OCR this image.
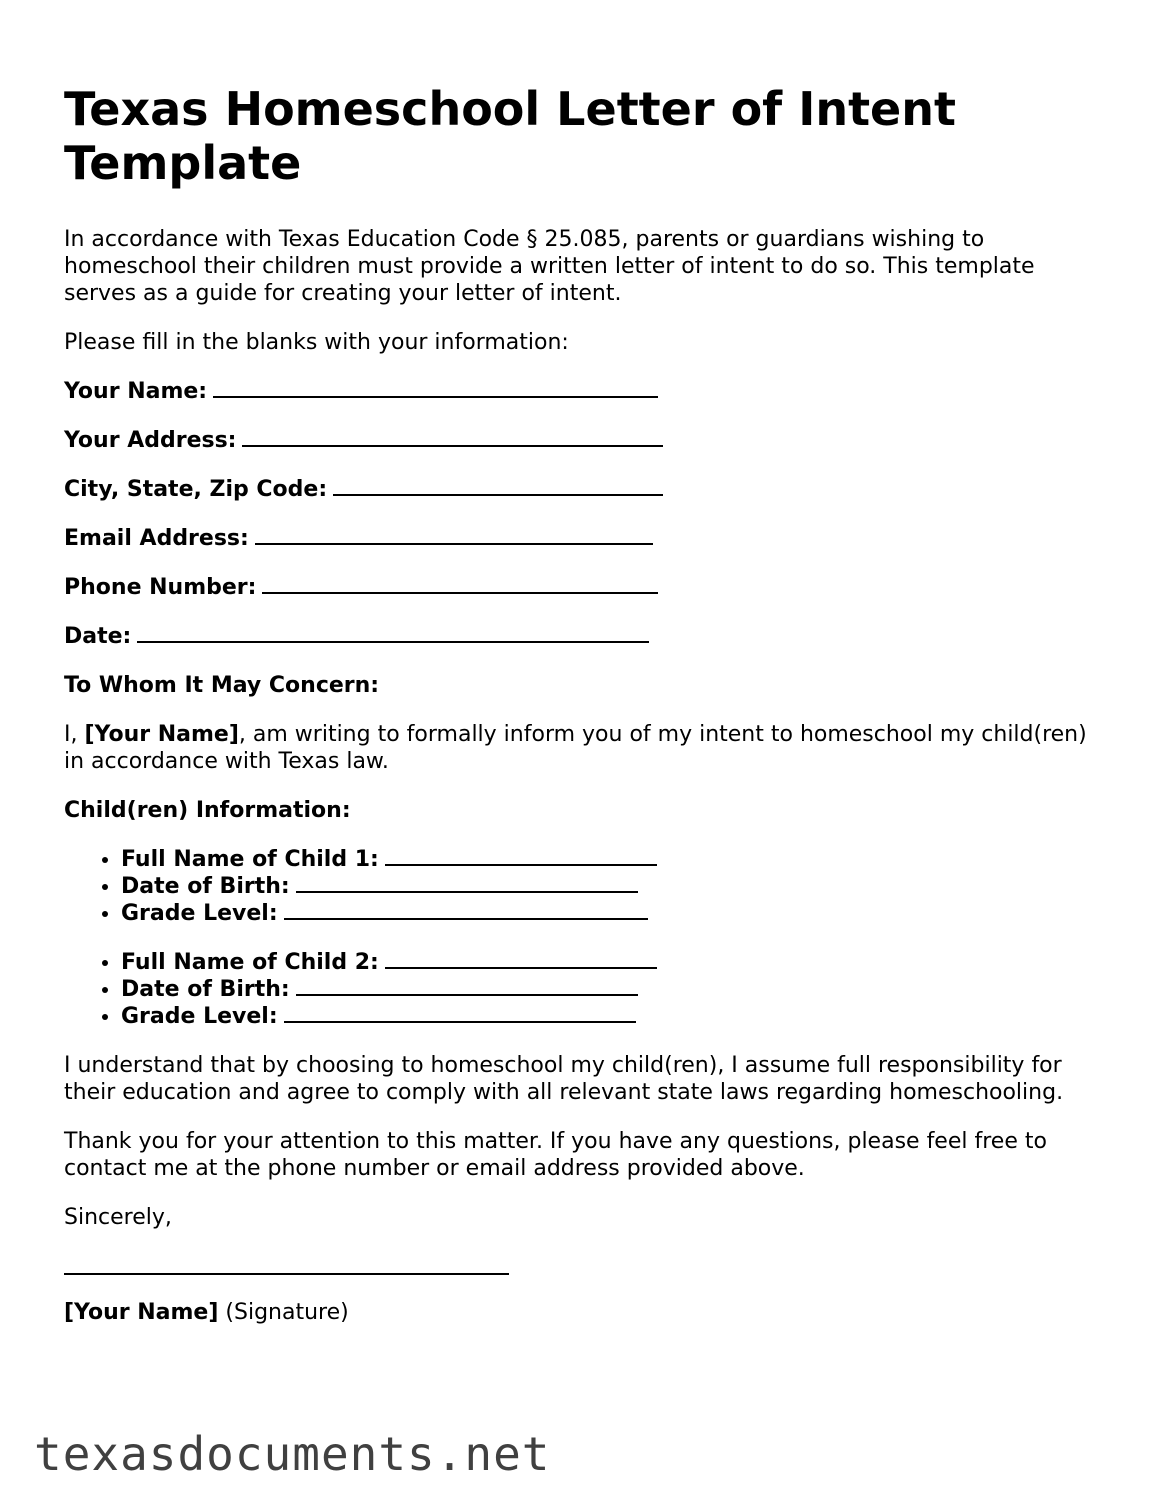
Texas Homeschool Letter of Intent Template

In accordance with Texas Education Code § 25.085, parents or guardians wishing to homeschool their children must provide a written letter of intent to do so. This template serves as a guide for creating your letter of intent.

Please fill in the blanks with your information:

Your Name:
Your Address:
City, State, Zip Code:
Email Address:
Phone Number:
Date:

To Whom It May Concern:

I, [Your Name], am writing to formally inform you of my intent to homeschool my child(ren) in accordance with Texas law.

Child(ren) Information:

• Full Name of Child 1:
• Date of Birth:
• Grade Level:
• Full Name of Child 2:
• Date of Birth:
• Grade Level:

I understand that by choosing to homeschool my child(ren), I assume full responsibility for their education and agree to comply with all relevant state laws regarding homeschooling.

Thank you for your attention to this matter. If you have any questions, please feel free to contact me at the phone number or email address provided above.

Sincerely,

[Your Name] (Signature)

texasdocuments.net
